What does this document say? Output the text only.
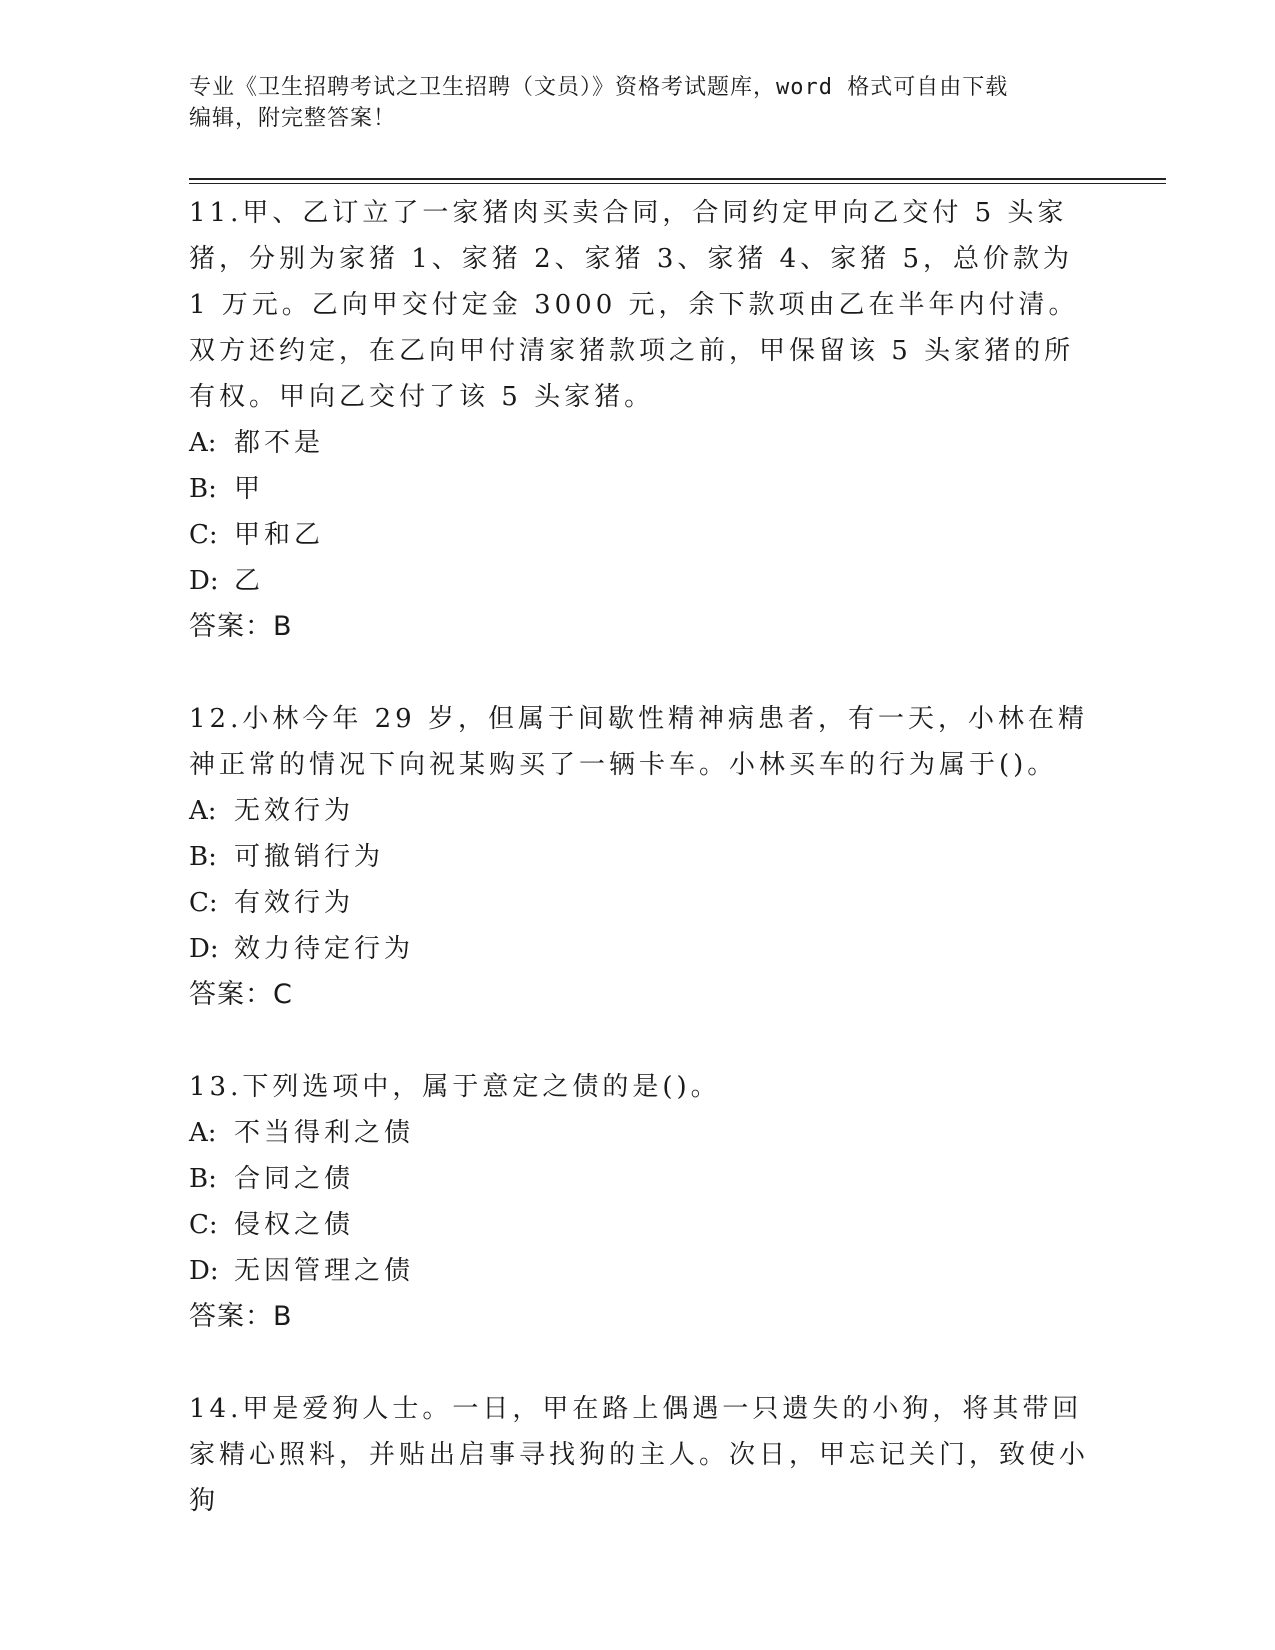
专业《卫生招聘考试之卫生招聘（文员）》资格考试题库，word 格式可自由下载
编辑，附完整答案！

11.甲、乙订立了一家猪肉买卖合同，合同约定甲向乙交付 5 头家猪，分别为家猪 1、家猪 2、家猪 3、家猪 4、家猪 5，总价款为 1 万元。乙向甲交付定金 3000 元，余下款项由乙在半年内付清。双方还约定，在乙向甲付清家猪款项之前，甲保留该 5 头家猪的所有权。甲向乙交付了该 5 头家猪。

A: 都不是

B: 甲

C: 甲和乙

D: 乙

答案：B

12.小林今年 29 岁，但属于间歇性精神病患者，有一天，小林在精神正常的情况下向祝某购买了一辆卡车。小林买车的行为属于()。

A: 无效行为

B: 可撤销行为

C: 有效行为

D: 效力待定行为

答案：C

13.下列选项中，属于意定之债的是()。

A: 不当得利之债

B: 合同之债

C: 侵权之债

D: 无因管理之债

答案：B

14.甲是爱狗人士。一日，甲在路上偶遇一只遗失的小狗，将其带回家精心照料，并贴出启事寻找狗的主人。次日，甲忘记关门，致使小狗
